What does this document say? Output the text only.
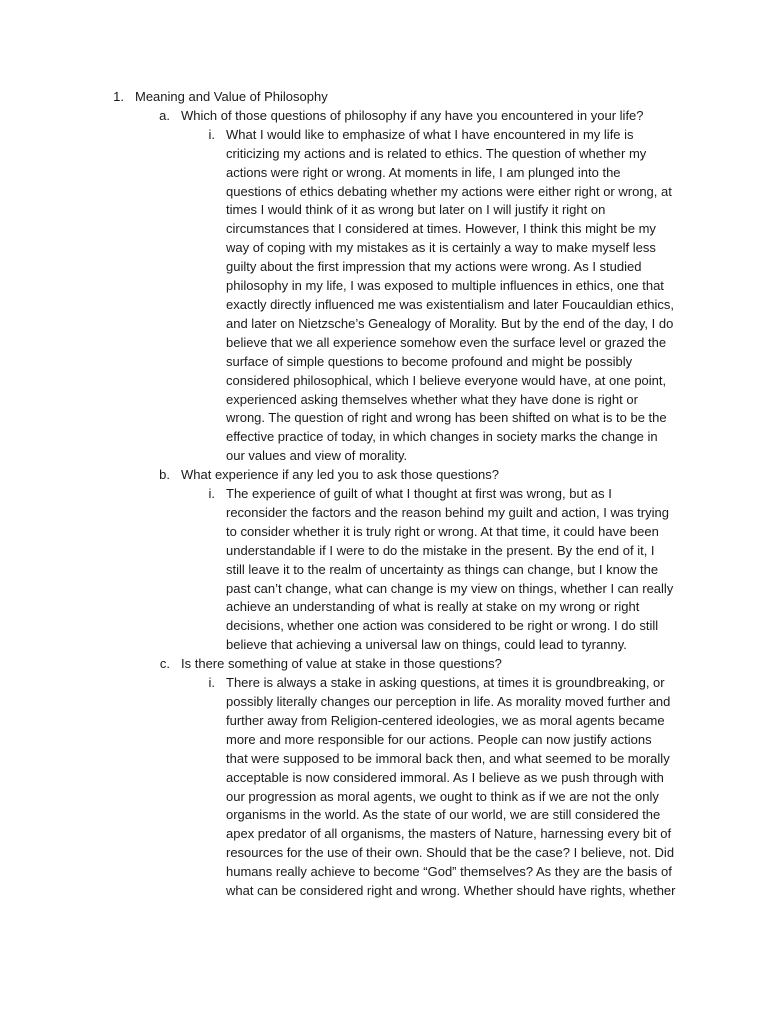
1. Meaning and Value of Philosophy
a. Which of those questions of philosophy if any have you encountered in your life?
i. What I would like to emphasize of what I have encountered in my life is criticizing my actions and is related to ethics. The question of whether my actions were right or wrong. At moments in life, I am plunged into the questions of ethics debating whether my actions were either right or wrong, at times I would think of it as wrong but later on I will justify it right on circumstances that I considered at times. However, I think this might be my way of coping with my mistakes as it is certainly a way to make myself less guilty about the first impression that my actions were wrong. As I studied philosophy in my life, I was exposed to multiple influences in ethics, one that exactly directly influenced me was existentialism and later Foucauldian ethics, and later on Nietzsche’s Genealogy of Morality. But by the end of the day, I do believe that we all experience somehow even the surface level or grazed the surface of simple questions to become profound and might be possibly considered philosophical, which I believe everyone would have, at one point, experienced asking themselves whether what they have done is right or wrong. The question of right and wrong has been shifted on what is to be the effective practice of today, in which changes in society marks the change in our values and view of morality.
b. What experience if any led you to ask those questions?
i. The experience of guilt of what I thought at first was wrong, but as I reconsider the factors and the reason behind my guilt and action, I was trying to consider whether it is truly right or wrong. At that time, it could have been understandable if I were to do the mistake in the present. By the end of it, I still leave it to the realm of uncertainty as things can change, but I know the past can’t change, what can change is my view on things, whether I can really achieve an understanding of what is really at stake on my wrong or right decisions, whether one action was considered to be right or wrong. I do still believe that achieving a universal law on things, could lead to tyranny.
c. Is there something of value at stake in those questions?
i. There is always a stake in asking questions, at times it is groundbreaking, or possibly literally changes our perception in life. As morality moved further and further away from Religion-centered ideologies, we as moral agents became more and more responsible for our actions. People can now justify actions that were supposed to be immoral back then, and what seemed to be morally acceptable is now considered immoral. As I believe as we push through with our progression as moral agents, we ought to think as if we are not the only organisms in the world. As the state of our world, we are still considered the apex predator of all organisms, the masters of Nature, harnessing every bit of resources for the use of their own. Should that be the case? I believe, not. Did humans really achieve to become “God” themselves? As they are the basis of what can be considered right and wrong. Whether should have rights, whether
